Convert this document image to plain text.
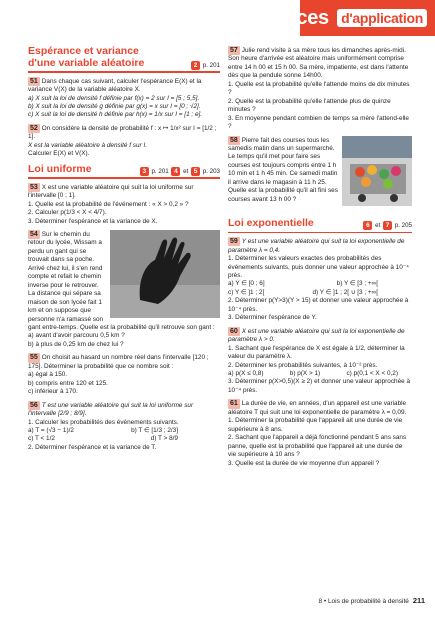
Exercices d'application
Espérance et variance
d'une variable aléatoire	2 p. 201
51 Dans chaque cas suivant, calculer l'espérance E(X) et la variance V(X) de la variable aléatoire X.
a) X suit la loi de densité f définie par f(x) = 2 sur I = [5 ; 5,5].
b) X suit la loi de densité g définie par g(x) = x sur I = [0 ; √2].
c) X suit la loi de densité h définie par h(x) = 1/x sur I = [1 ; e].
52 On considère la densité de probabilité f : x ↦ 1/x² sur I = [1/2 ; 1].
X est la variable aléatoire à densité f sur I.
Calculer E(X) et V(X).
Loi uniforme	3 p. 201 4 et 5 p. 203
53 X est une variable aléatoire qui suit la loi uniforme sur l'intervalle [0 ; 1].
1. Quelle est la probabilité de l'événement : « X > 0,2 » ?
2. Calculer p(1/3 < X < 4/7).
3. Déterminer l'espérance et la variance de X.
54 Sur le chemin du retour du lycée, Wissam a perdu un gant qui se trouvait dans sa poche. Arrivé chez lui, il s'en rend compte et refait le chemin inverse pour le retrouver. La distance qui sépare sa maison de son lycée fait 1 km et on suppose que personne n'a ramassé son gant entre-temps. Quelle est la probabilité qu'il retrouve son gant :
a) avant d'avoir parcouru 0,5 km ?
b) à plus de 0,25 km de chez lui ?
55 On choisit au hasard un nombre réel dans l'intervalle [120 ; 175]. Déterminer la probabilité que ce nombre soit :
a) égal à 150.
b) compris entre 120 et 125.
c) inférieur à 170.
56 T est une variable aléatoire qui suit la loi uniforme sur l'intervalle [2/9 ; 8/9].
1. Calculer les probabilités des événements suivants.
a) T = (√3 − 1)/2	b) T ∈ [1/3 ; 2/3]
c) T < 1/2	d) T > 8/9
2. Déterminer l'espérance et la variance de T.
57 Julie rend visite à sa mère tous les dimanches après-midi. Son heure d'arrivée est aléatoire mais uniformément comprise entre 14 h 00 et 15 h 00. Sa mère, impatiente, est dans l'attente dès que la pendule sonne 14h00.
1. Quelle est la probabilité qu'elle l'attende moins de dix minutes ?
2. Quelle est la probabilité qu'elle l'attende plus de quinze minutes ?
3. En moyenne pendant combien de temps sa mère l'attend-elle ?
58 Pierre fait des courses tous les samedis matin dans un supermarché. Le temps qu'il met pour faire ses courses est toujours compris entre 1 h 10 min et 1 h 45 min. Ce samedi matin il arrive dans le magasin à 11 h 25. Quelle est la probabilité qu'il ait fini ses courses avant 13 h 00 ?
Loi exponentielle	6 et 7 p. 205
59 Y est une variable aléatoire qui suit la loi exponentielle de paramètre λ = 0,4.
1. Déterminer les valeurs exactes des probabilités des événements suivants, puis donner une valeur approchée à 10⁻⁴ près.
a) Y ∈ [0 ; 6]	b) Y ∈ [3 ; +∞[
c) Y ∈ ]1 ; 2[	d) Y ∈ ]1 ; 2[ ∪ [3 ; +∞[
2. Déterminer p(Y>3)(Y > 15) et donner une valeur approchée à 10⁻⁴ près.
3. Déterminer l'espérance de Y.
60 X est une variable aléatoire qui suit la loi exponentielle de paramètre λ > 0.
1. Sachant que l'espérance de X est égale à 1/2, déterminer la valeur du paramètre λ.
2. Déterminer les probabilités suivantes, à 10⁻² près.
a) p(X ≤ 0,8)	b) p(X > 1)	c) p(0,1 < X < 0,2)
3. Déterminer p(X>0,5)(X ≥ 2) et donner une valeur approchée à 10⁻⁴ près.
61 La durée de vie, en années, d'un appareil est une variable aléatoire T qui suit une loi exponentielle de paramètre λ = 0,09.
1. Déterminer la probabilité que l'appareil ait une durée de vie supérieure à 8 ans.
2. Sachant que l'appareil a déjà fonctionné pendant 5 ans sans panne, quelle est la probabilité que l'appareil ait une durée de vie supérieure à 10 ans ?
3. Quelle est la durée de vie moyenne d'un appareil ?
8 • Lois de probabilité à densité 211
